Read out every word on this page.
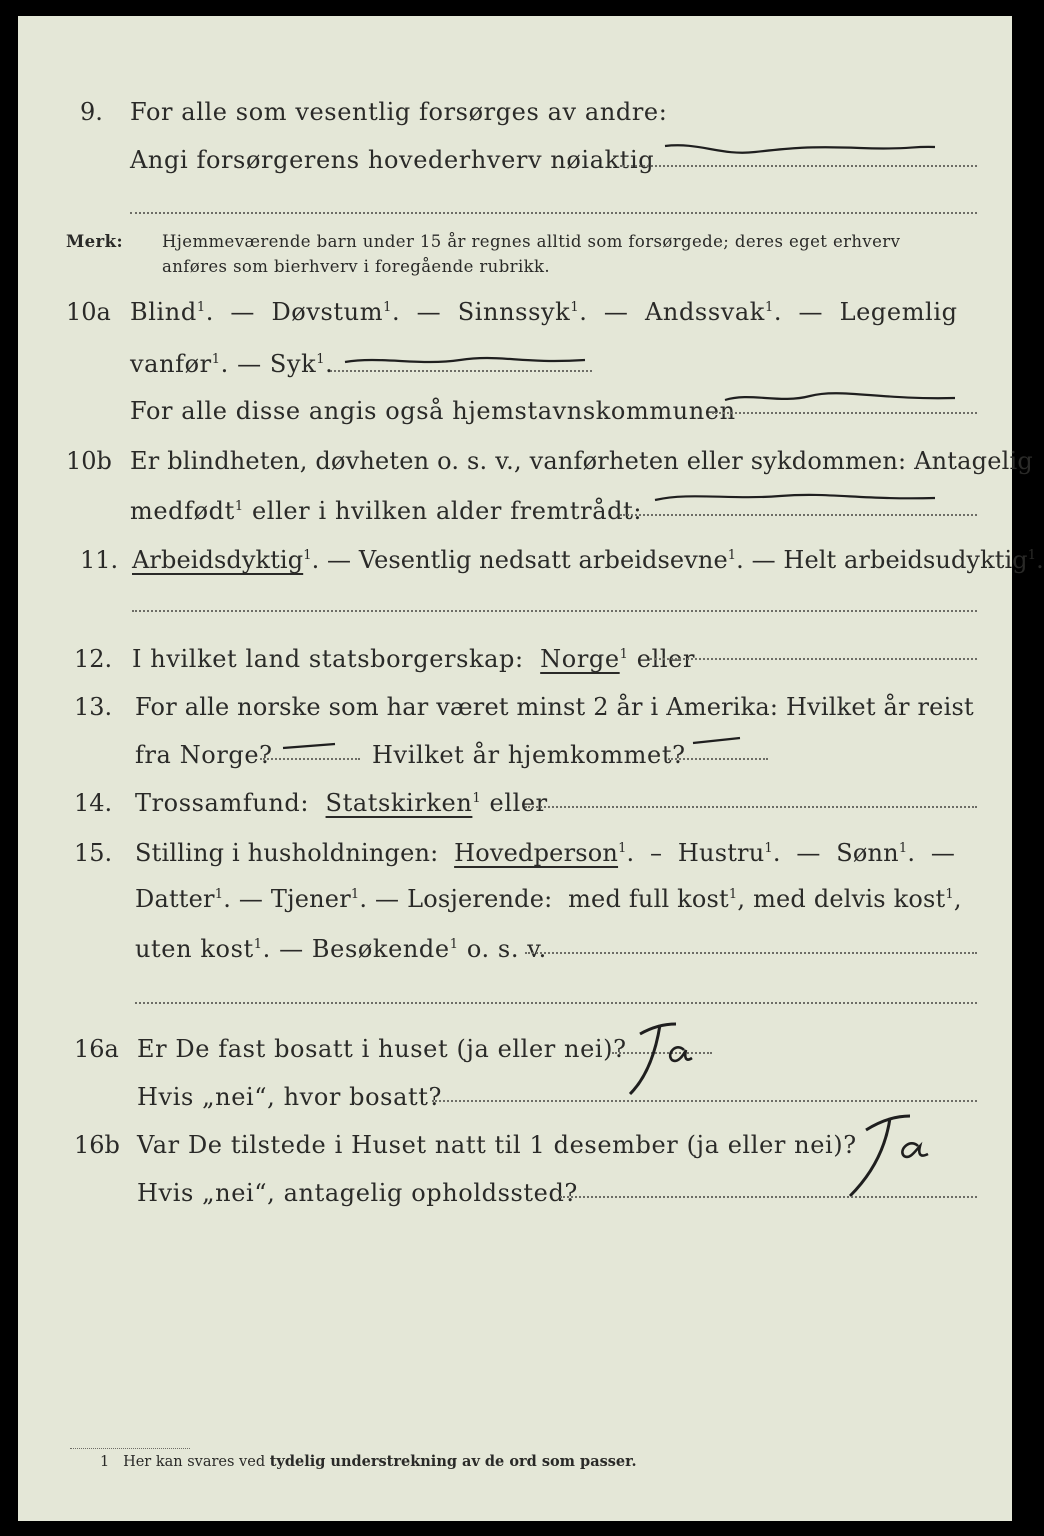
9. For alle som vesentlig forsørges av andre:
Angi forsørgerens hovederhverv nøiaktig
Merk: Hjemmeværende barn under 15 år regnes alltid som forsørgede; deres eget erhverv
anføres som bierhverv i foregående rubrikk.
10a Blind$^1$.  — Døvstum$^1$.  — Sinnssyk$^1$.  — Andssvak$^1$.  — Legemlig
vanfør$^1$. — Syk$^1$.
For alle disse angis også hjemstavnskommunen
10b Er blindheten, døvheten o. s. v., vanførheten eller sykdommen: Antagelig
medfødt$^1$ eller i hvilken alder fremtrådt:
11. Arbeidsdyktig$^1$. — Vesentlig nedsatt arbeidsevne$^1$. — Helt arbeidsudyktig$^1$.
12. I hvilket land statsborgerskap: Norge$^1$ eller
13. For alle norske som har været minst 2 år i Amerika: Hvilket år reist
fra Norge?	Hvilket år hjemkommet?
14. Trossamfund: Statskirken$^1$ eller
15. Stilling i husholdningen: Hovedperson$^1$.  –  Hustru$^1$.  —  Sønn$^1$.  —
Datter$^1$. — Tjener$^1$. — Losjerende: med full kost$^1$, med delvis kost$^1$,
uten kost$^1$. — Besøkende$^1$ o. s. v.
16a Er De fast bosatt i huset (ja eller nei)?
Ja
Hvis „nei“, hvor bosatt?
16b Var De tilstede i Huset natt til 1 desember (ja eller nei)?
Ja
Hvis „nei“, antagelig opholdssted?
1 Her kan svares ved tydelig understrekning av de ord som passer.
